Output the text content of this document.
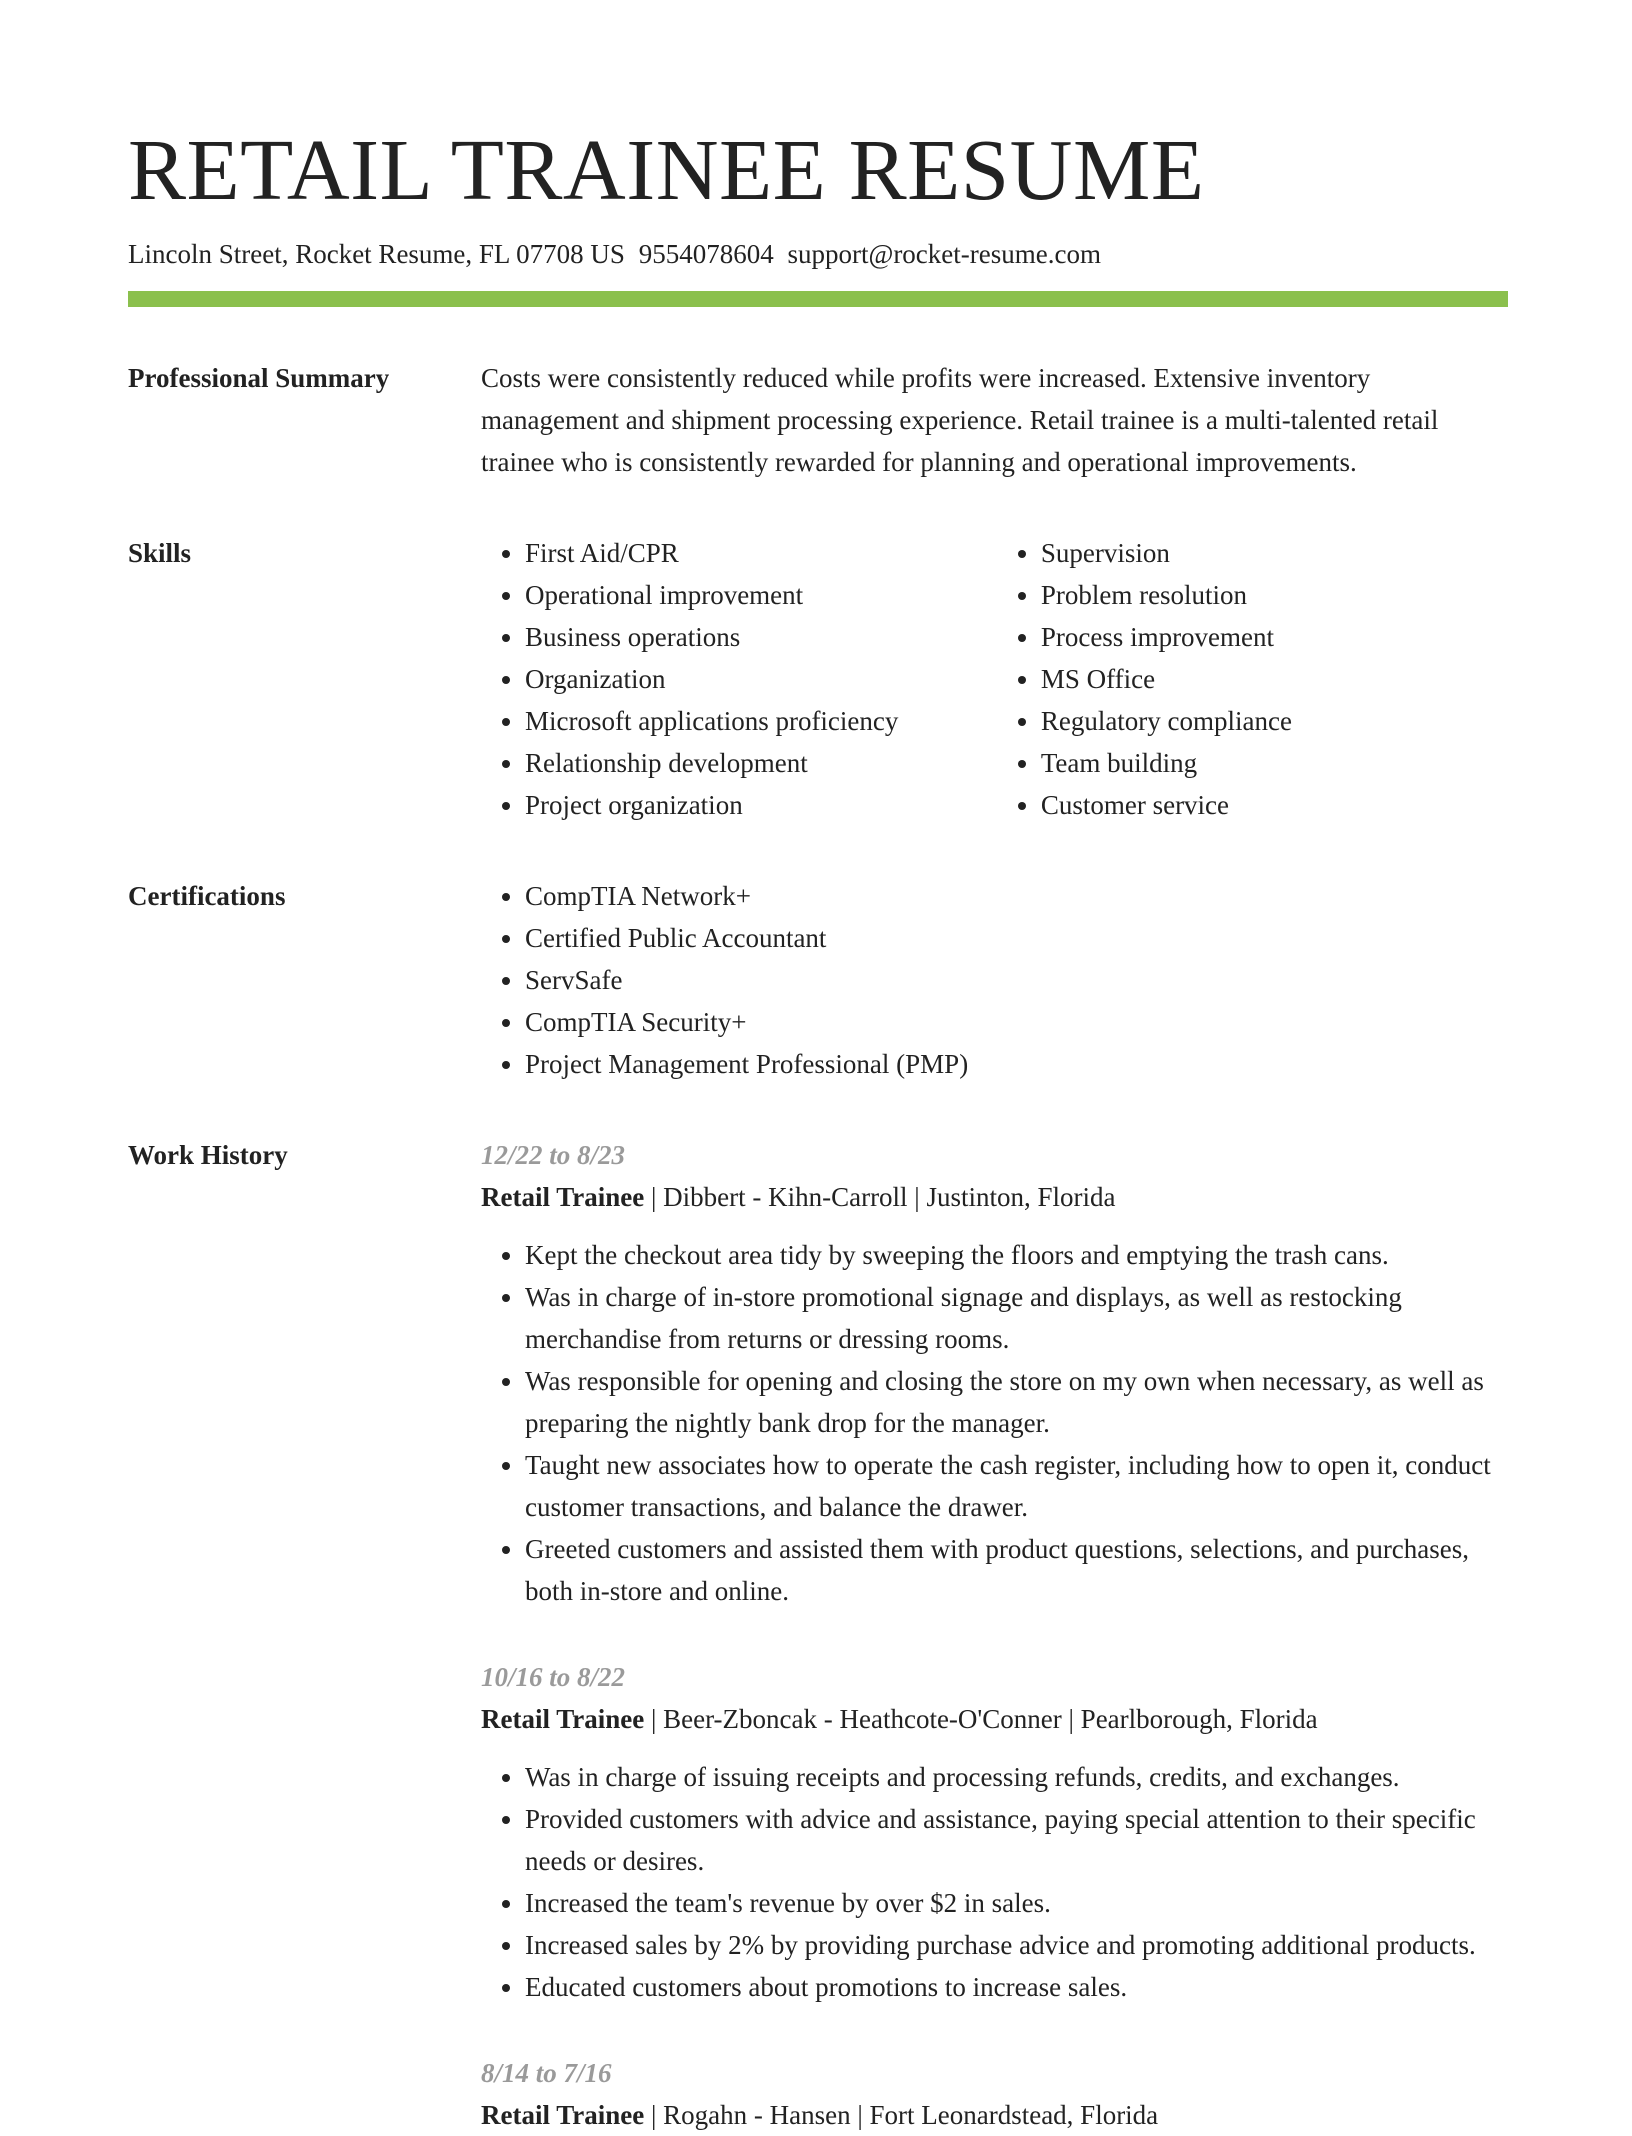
RETAIL TRAINEE RESUME
Lincoln Street, Rocket Resume, FL 07708 US 9554078604 support@rocket-resume.com
Professional Summary	Costs were consistently reduced while profits were increased. Extensive inventory management and shipment processing experience. Retail trainee is a multi-talented retail trainee who is consistently rewarded for planning and operational improvements.

Skills	• First Aid/CPR
• Operational improvement
• Business operations
• Organization
• Microsoft applications proficiency
• Relationship development
• Project organization
• Supervision
• Problem resolution
• Process improvement
• MS Office
• Regulatory compliance
• Team building
• Customer service
Certifications	• CompTIA Network+
• Certified Public Accountant
• ServSafe
• CompTIA Security+
• Project Management Professional (PMP)
Work History	12/22 to 8/23
Retail Trainee | Dibbert - Kihn-Carroll | Justinton, Florida
• Kept the checkout area tidy by sweeping the floors and emptying the trash cans.
• Was in charge of in-store promotional signage and displays, as well as restocking merchandise from returns or dressing rooms.
• Was responsible for opening and closing the store on my own when necessary, as well as preparing the nightly bank drop for the manager.
• Taught new associates how to operate the cash register, including how to open it, conduct customer transactions, and balance the drawer.
• Greeted customers and assisted them with product questions, selections, and purchases, both in-store and online.
10/16 to 8/22
Retail Trainee | Beer-Zboncak - Heathcote-O'Conner | Pearlborough, Florida
• Was in charge of issuing receipts and processing refunds, credits, and exchanges.
• Provided customers with advice and assistance, paying special attention to their specific needs or desires.
• Increased the team's revenue by over $2 in sales.
• Increased sales by 2% by providing purchase advice and promoting additional products.
• Educated customers about promotions to increase sales.
8/14 to 7/16
Retail Trainee | Rogahn - Hansen | Fort Leonardstead, Florida
